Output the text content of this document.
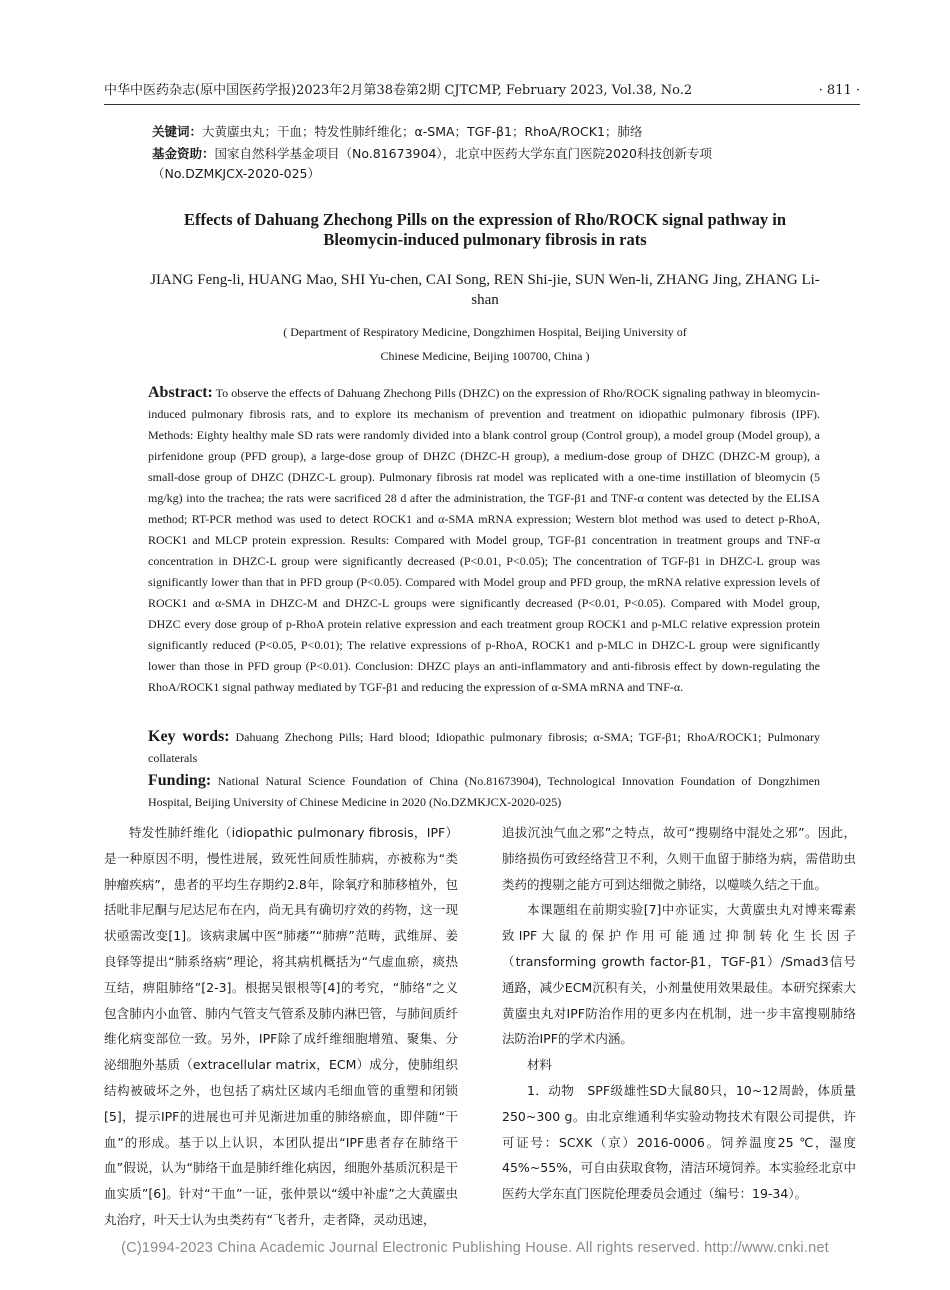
中华中医药杂志(原中国医药学报)2023年2月第38卷第2期 CJTCMP, February 2023, Vol.38, No.2	· 811 ·
关键词：大黄䗪虫丸；干血；特发性肺纤维化；α-SMA；TGF-β1；RhoA/ROCK1；肺络
基金资助：国家自然科学基金项目（No.81673904），北京中医药大学东直门医院2020科技创新专项
（No.DZMKJCX-2020-025）
Effects of Dahuang Zhechong Pills on the expression of Rho/ROCK signal pathway in Bleomycin-induced pulmonary fibrosis in rats
JIANG Feng-li, HUANG Mao, SHI Yu-chen, CAI Song, REN Shi-jie, SUN Wen-li, ZHANG Jing, ZHANG Li-shan
( Department of Respiratory Medicine, Dongzhimen Hospital, Beijing University of
Chinese Medicine, Beijing 100700, China )
Abstract: To observe the effects of Dahuang Zhechong Pills (DHZC) on the expression of Rho/ROCK signaling pathway in bleomycin-induced pulmonary fibrosis rats, and to explore its mechanism of prevention and treatment on idiopathic pulmonary fibrosis (IPF). Methods: Eighty healthy male SD rats were randomly divided into a blank control group (Control group), a model group (Model group), a pirfenidone group (PFD group), a large-dose group of DHZC (DHZC-H group), a medium-dose group of DHZC (DHZC-M group), a small-dose group of DHZC (DHZC-L group). Pulmonary fibrosis rat model was replicated with a one-time instillation of bleomycin (5 mg/kg) into the trachea; the rats were sacrificed 28 d after the administration, the TGF-β1 and TNF-α content was detected by the ELISA method; RT-PCR method was used to detect ROCK1 and α-SMA mRNA expression; Western blot method was used to detect p-RhoA, ROCK1 and MLCP protein expression. Results: Compared with Model group, TGF-β1 concentration in treatment groups and TNF-α concentration in DHZC-L group were significantly decreased (P<0.01, P<0.05); The concentration of TGF-β1 in DHZC-L group was significantly lower than that in PFD group (P<0.05). Compared with Model group and PFD group, the mRNA relative expression levels of ROCK1 and α-SMA in DHZC-M and DHZC-L groups were significantly decreased (P<0.01, P<0.05). Compared with Model group, DHZC every dose group of p-RhoA protein relative expression and each treatment group ROCK1 and p-MLC relative expression protein significantly reduced (P<0.05, P<0.01); The relative expressions of p-RhoA, ROCK1 and p-MLC in DHZC-L group were significantly lower than those in PFD group (P<0.01). Conclusion: DHZC plays an anti-inflammatory and anti-fibrosis effect by down-regulating the RhoA/ROCK1 signal pathway mediated by TGF-β1 and reducing the expression of α-SMA mRNA and TNF-α.
Key words: Dahuang Zhechong Pills; Hard blood; Idiopathic pulmonary fibrosis; α-SMA; TGF-β1; RhoA/ROCK1; Pulmonary collaterals
Funding: National Natural Science Foundation of China (No.81673904), Technological Innovation Foundation of Dongzhimen Hospital, Beijing University of Chinese Medicine in 2020 (No.DZMKJCX-2020-025)

特发性肺纤维化（idiopathic pulmonary fibrosis，IPF）是一种原因不明，慢性进展，致死性间质性肺病，亦被称为“类肿瘤疾病”，患者的平均生存期约2.8年，除氧疗和肺移植外，包括吡非尼酮与尼达尼布在内，尚无具有确切疗效的药物，这一现状亟需改变[1]。该病隶属中医“肺痿”“肺痹”范畴，武维屏、姜良铎等提出“肺系络病”理论，将其病机概括为“气虚血瘀，痰热互结，痹阻肺络”[2-3]。根据吴银根等[4]的考究，“肺络”之义包含肺内小血管、肺内气管支气管系及肺内淋巴管，与肺间质纤维化病变部位一致。另外，IPF除了成纤维细胞增殖、聚集、分泌细胞外基质（extracellular matrix，ECM）成分，使肺组织结构被破坏之外，也包括了病灶区域内毛细血管的重塑和闭锁[5]，提示IPF的进展也可并见渐进加重的肺络瘀血，即伴随“干血”的形成。基于以上认识，本团队提出“IPF患者存在肺络干血”假说，认为“肺络干血是肺纤维化病因，细胞外基质沉积是干血实质”[6]。针对“干血”一证，张仲景以“缓中补虚”之大黄䗪虫丸治疗，叶天士认为虫类药有“飞者升，走者降，灵动迅速，

追拔沉浊气血之邪”之特点，故可“搜剔络中混处之邪”。因此，肺络损伤可致经络营卫不利，久则干血留于肺络为病，需借助虫类药的搜剔之能方可到达细微之肺络，以噬啖久结之干血。

本课题组在前期实验[7]中亦证实，大黄䗪虫丸对博来霉素致IPF大鼠的保护作用可能通过抑制转化生长因子（transforming growth factor-β1，TGF-β1）/Smad3信号通路，减少ECM沉积有关，小剂量使用效果最佳。本研究探索大黄䗪虫丸对IPF防治作用的更多内在机制，进一步丰富搜剔肺络法防治IPF的学术内涵。

材料

1．动物　SPF级雄性SD大鼠80只，10~12周龄，体质量250~300 g。由北京维通利华实验动物技术有限公司提供，许可证号：SCXK（京）2016-0006。饲养温度25 ℃，湿度45%~55%，可自由获取食物，清洁环境饲养。本实验经北京中医药大学东直门医院伦理委员会通过（编号：19-34）。

(C)1994-2023 China Academic Journal Electronic Publishing House. All rights reserved. http://www.cnki.net
